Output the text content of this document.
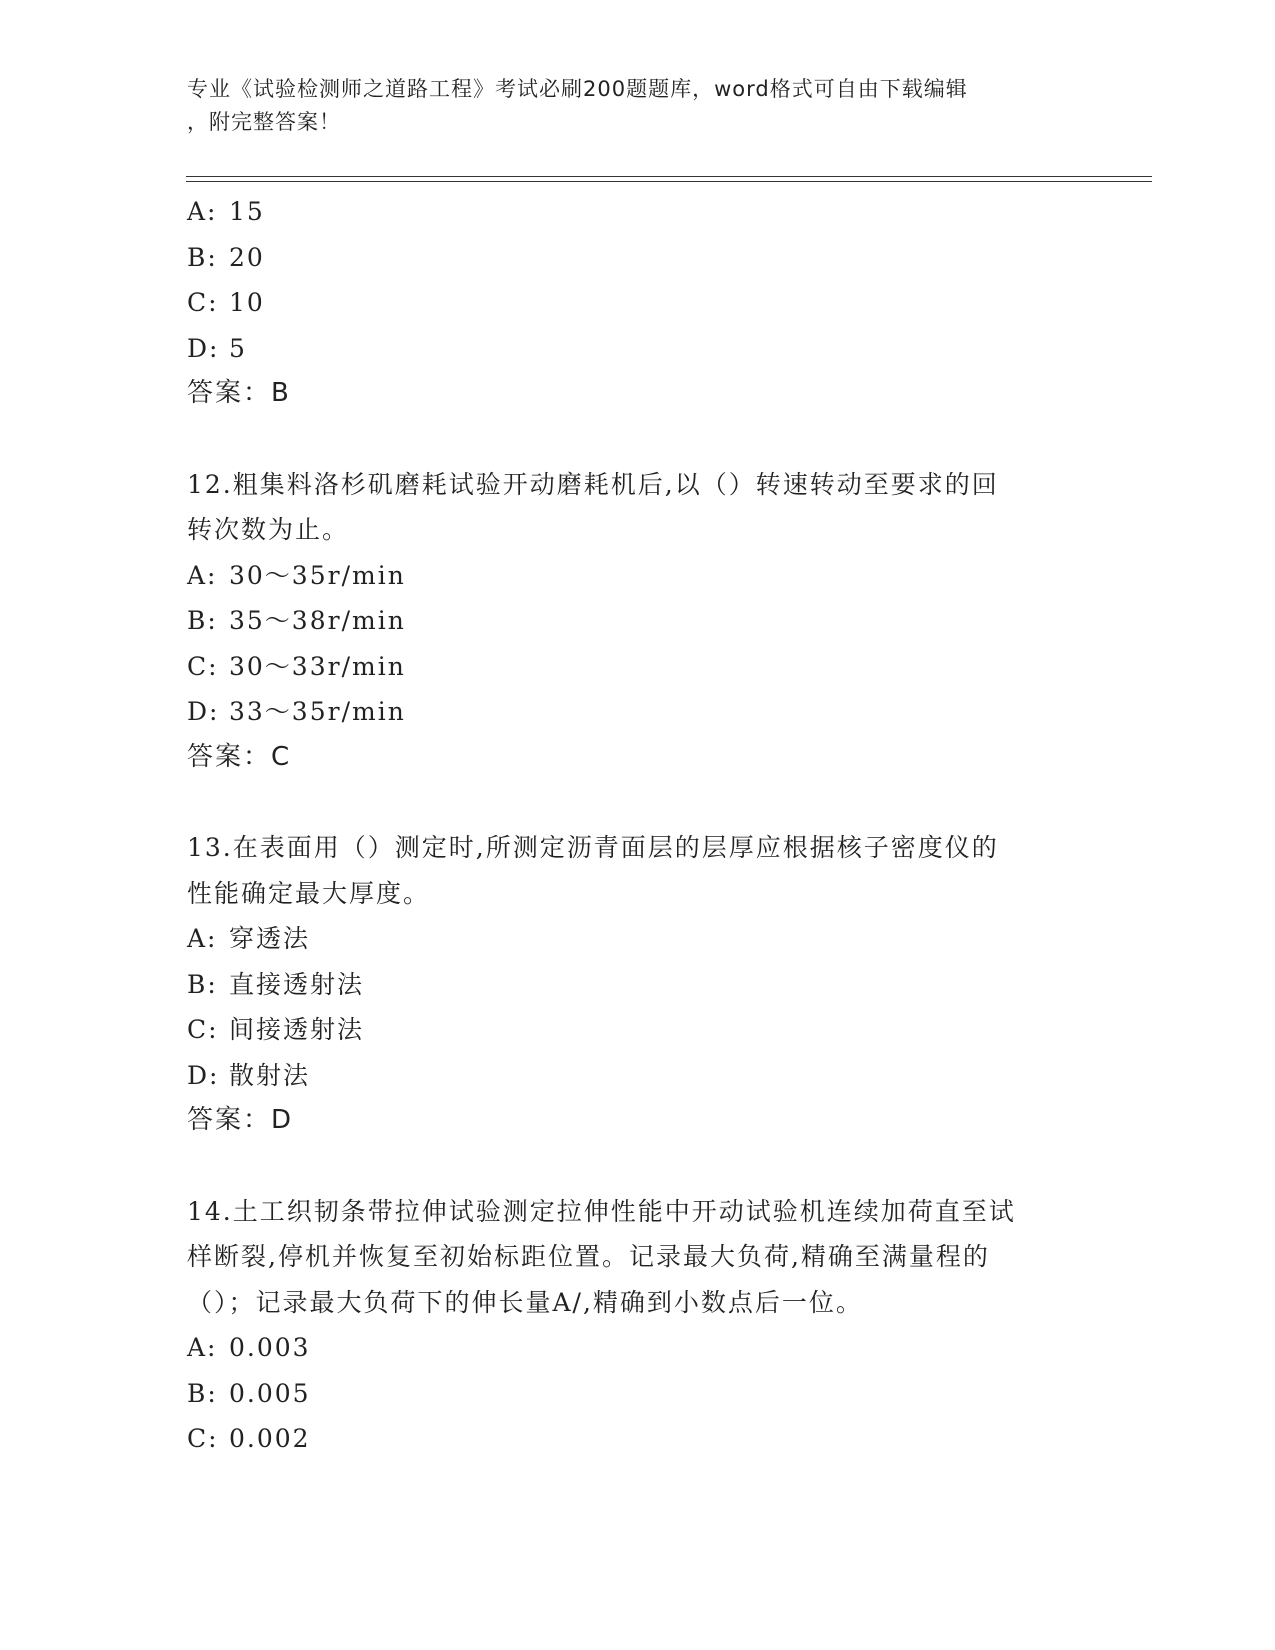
专业《试验检测师之道路工程》考试必刷200题题库，word格式可自由下载编辑
，附完整答案！
A: 15
B: 20
C: 10
D: 5
答案：B
12.粗集料洛杉矶磨耗试验开动磨耗机后,以（）转速转动至要求的回
转次数为止。
A: 30～35r/min
B: 35～38r/min
C: 30～33r/min
D: 33～35r/min
答案：C
13.在表面用（）测定时,所测定沥青面层的层厚应根据核子密度仪的
性能确定最大厚度。
A: 穿透法
B: 直接透射法
C: 间接透射法
D: 散射法
答案：D
14.土工织韧条带拉伸试验测定拉伸性能中开动试验机连续加荷直至试
样断裂,停机并恢复至初始标距位置。记录最大负荷,精确至满量程的
（）；记录最大负荷下的伸长量A/,精确到小数点后一位。
A: 0.003
B: 0.005
C: 0.002
